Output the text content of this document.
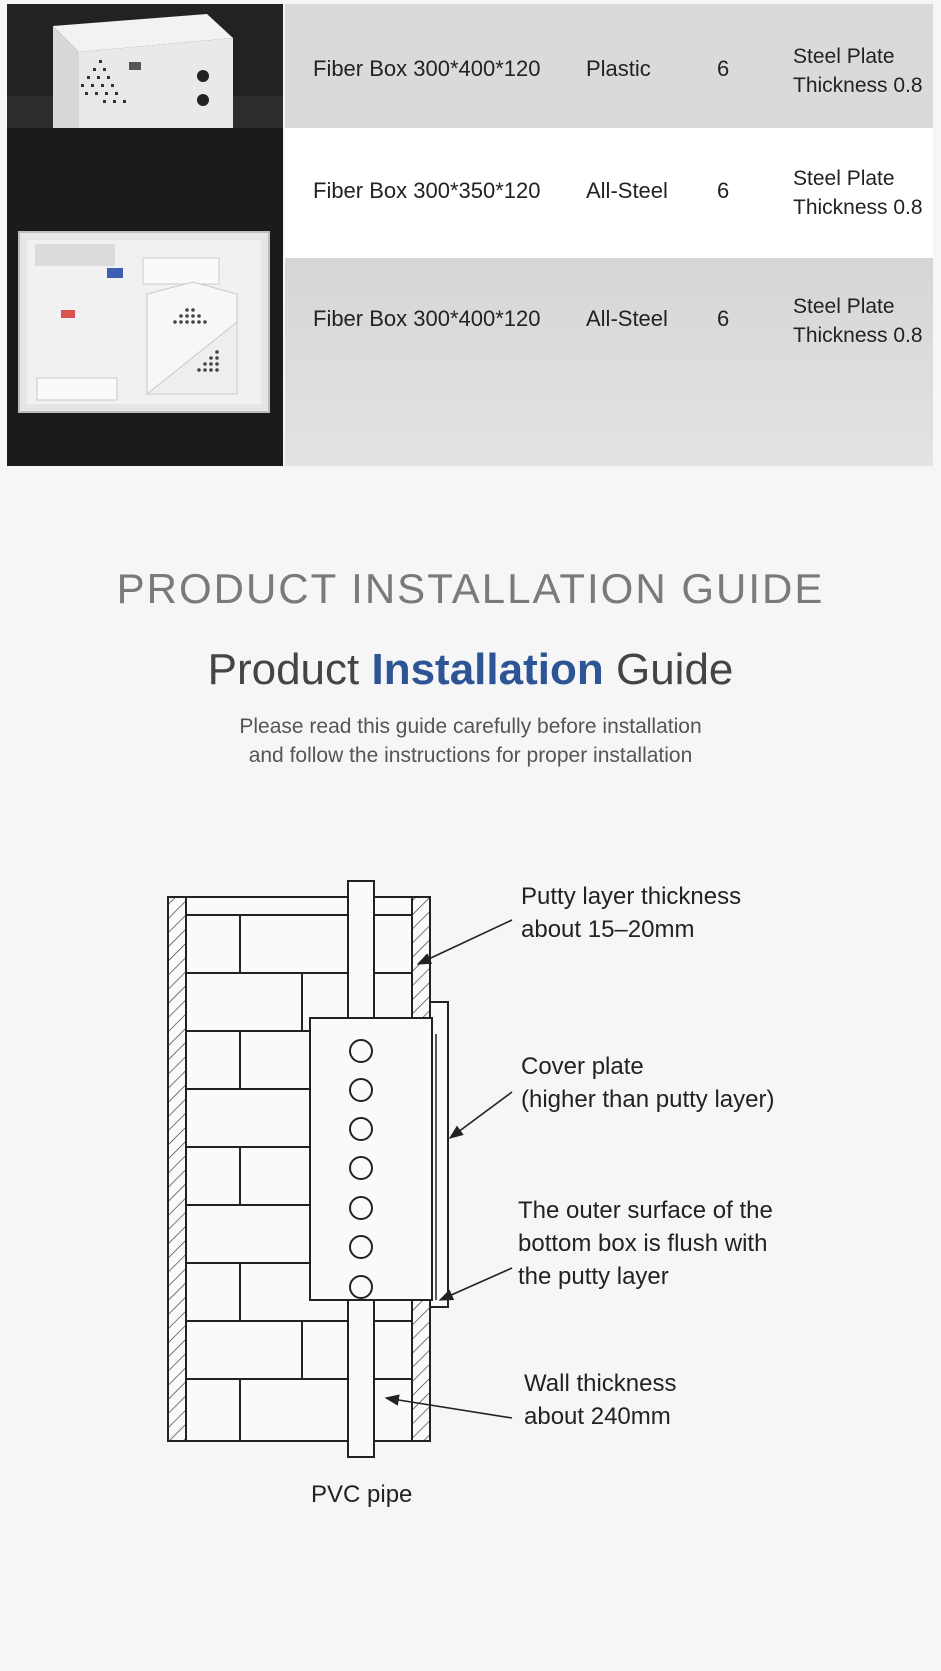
Fiber Box 300*400*120 Plastic	6	Steel Plate
Thickness 0.8
Fiber Box 300*350*120 All-Steel 6	Steel Plate
Thickness 0.8
Fiber Box 300*400*120 All-Steel 6	Steel Plate
Thickness 0.8
PRODUCT INSTALLATION GUIDE
Product Installation Guide
Please read this guide carefully before installation
and follow the instructions for proper installation
Putty layer thickness
about 15–20mm
Cover plate
(higher than putty layer)
The outer surface of the
bottom box is flush with
the putty layer
Wall thickness
about 240mm
PVC pipe
